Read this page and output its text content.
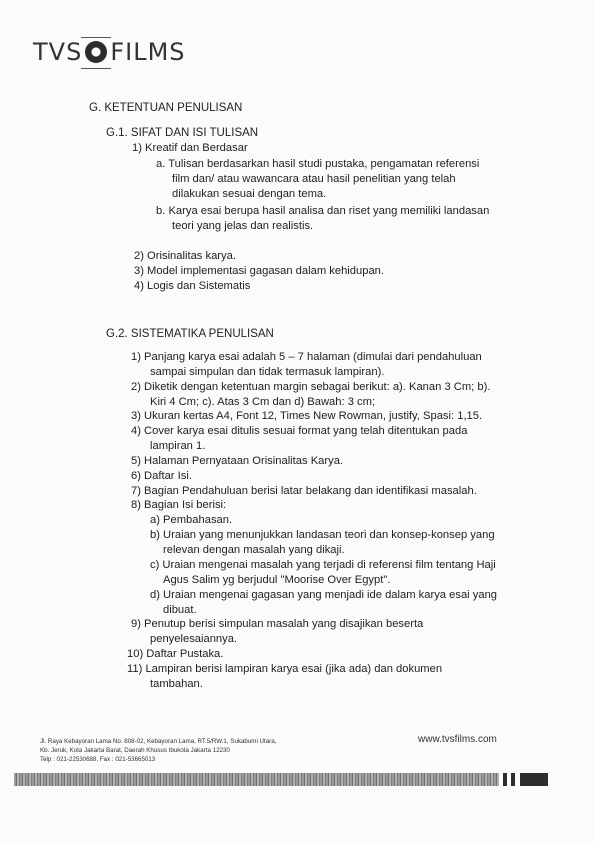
TVS FILMS
G. KETENTUAN PENULISAN
G.1. SIFAT DAN ISI TULISAN
1) Kreatif dan Berdasar
a. Tulisan berdasarkan hasil studi pustaka, pengamatan referensi
film dan/ atau wawancara atau hasil penelitian yang telah
dilakukan sesuai dengan tema.
b. Karya esai berupa hasil analisa dan riset yang memiliki landasan
teori yang jelas dan realistis.
2) Orisinalitas karya.
3) Model implementasi gagasan dalam kehidupan.
4) Logis dan Sistematis
G.2. SISTEMATIKA PENULISAN
1) Panjang karya esai adalah 5 – 7 halaman (dimulai dari pendahuluan
sampai simpulan dan tidak termasuk lampiran).
2) Diketik dengan ketentuan margin sebagai berikut: a). Kanan 3 Cm; b).
Kiri 4 Cm; c). Atas 3 Cm dan d) Bawah: 3 cm;
3) Ukuran kertas A4, Font 12, Times New Rowman, justify, Spasi: 1,15.
4) Cover karya esai ditulis sesuai format yang telah ditentukan pada
lampiran 1.
5) Halaman Pernyataan Orisinalitas Karya.
6) Daftar Isi.
7) Bagian Pendahuluan berisi latar belakang dan identifikasi masalah.
8) Bagian Isi berisi:
a) Pembahasan.
b) Uraian yang menunjukkan landasan teori dan konsep-konsep yang
relevan dengan masalah yang dikaji.
c) Uraian mengenai masalah yang terjadi di referensi film tentang Haji
Agus Salim yg berjudul "Moorise Over Egypt".
d) Uraian mengenai gagasan yang menjadi ide dalam karya esai yang
dibuat.
9) Penutup berisi simpulan masalah yang disajikan beserta
penyelesaiannya.
10) Daftar Pustaka.
11) Lampiran berisi lampiran karya esai (jika ada) dan dokumen
tambahan.
Jl. Raya Kebayoran Lama No. 808-02, Kebayoran Lama, RT.5/RW.1, Sukabumi Utara,
Kb. Jeruk, Kota Jakarta Barat, Daerah Khusus Ibukota Jakarta 12230
Telp : 021-22530688, Fax : 021-53665013
www.tvsfilms.com
